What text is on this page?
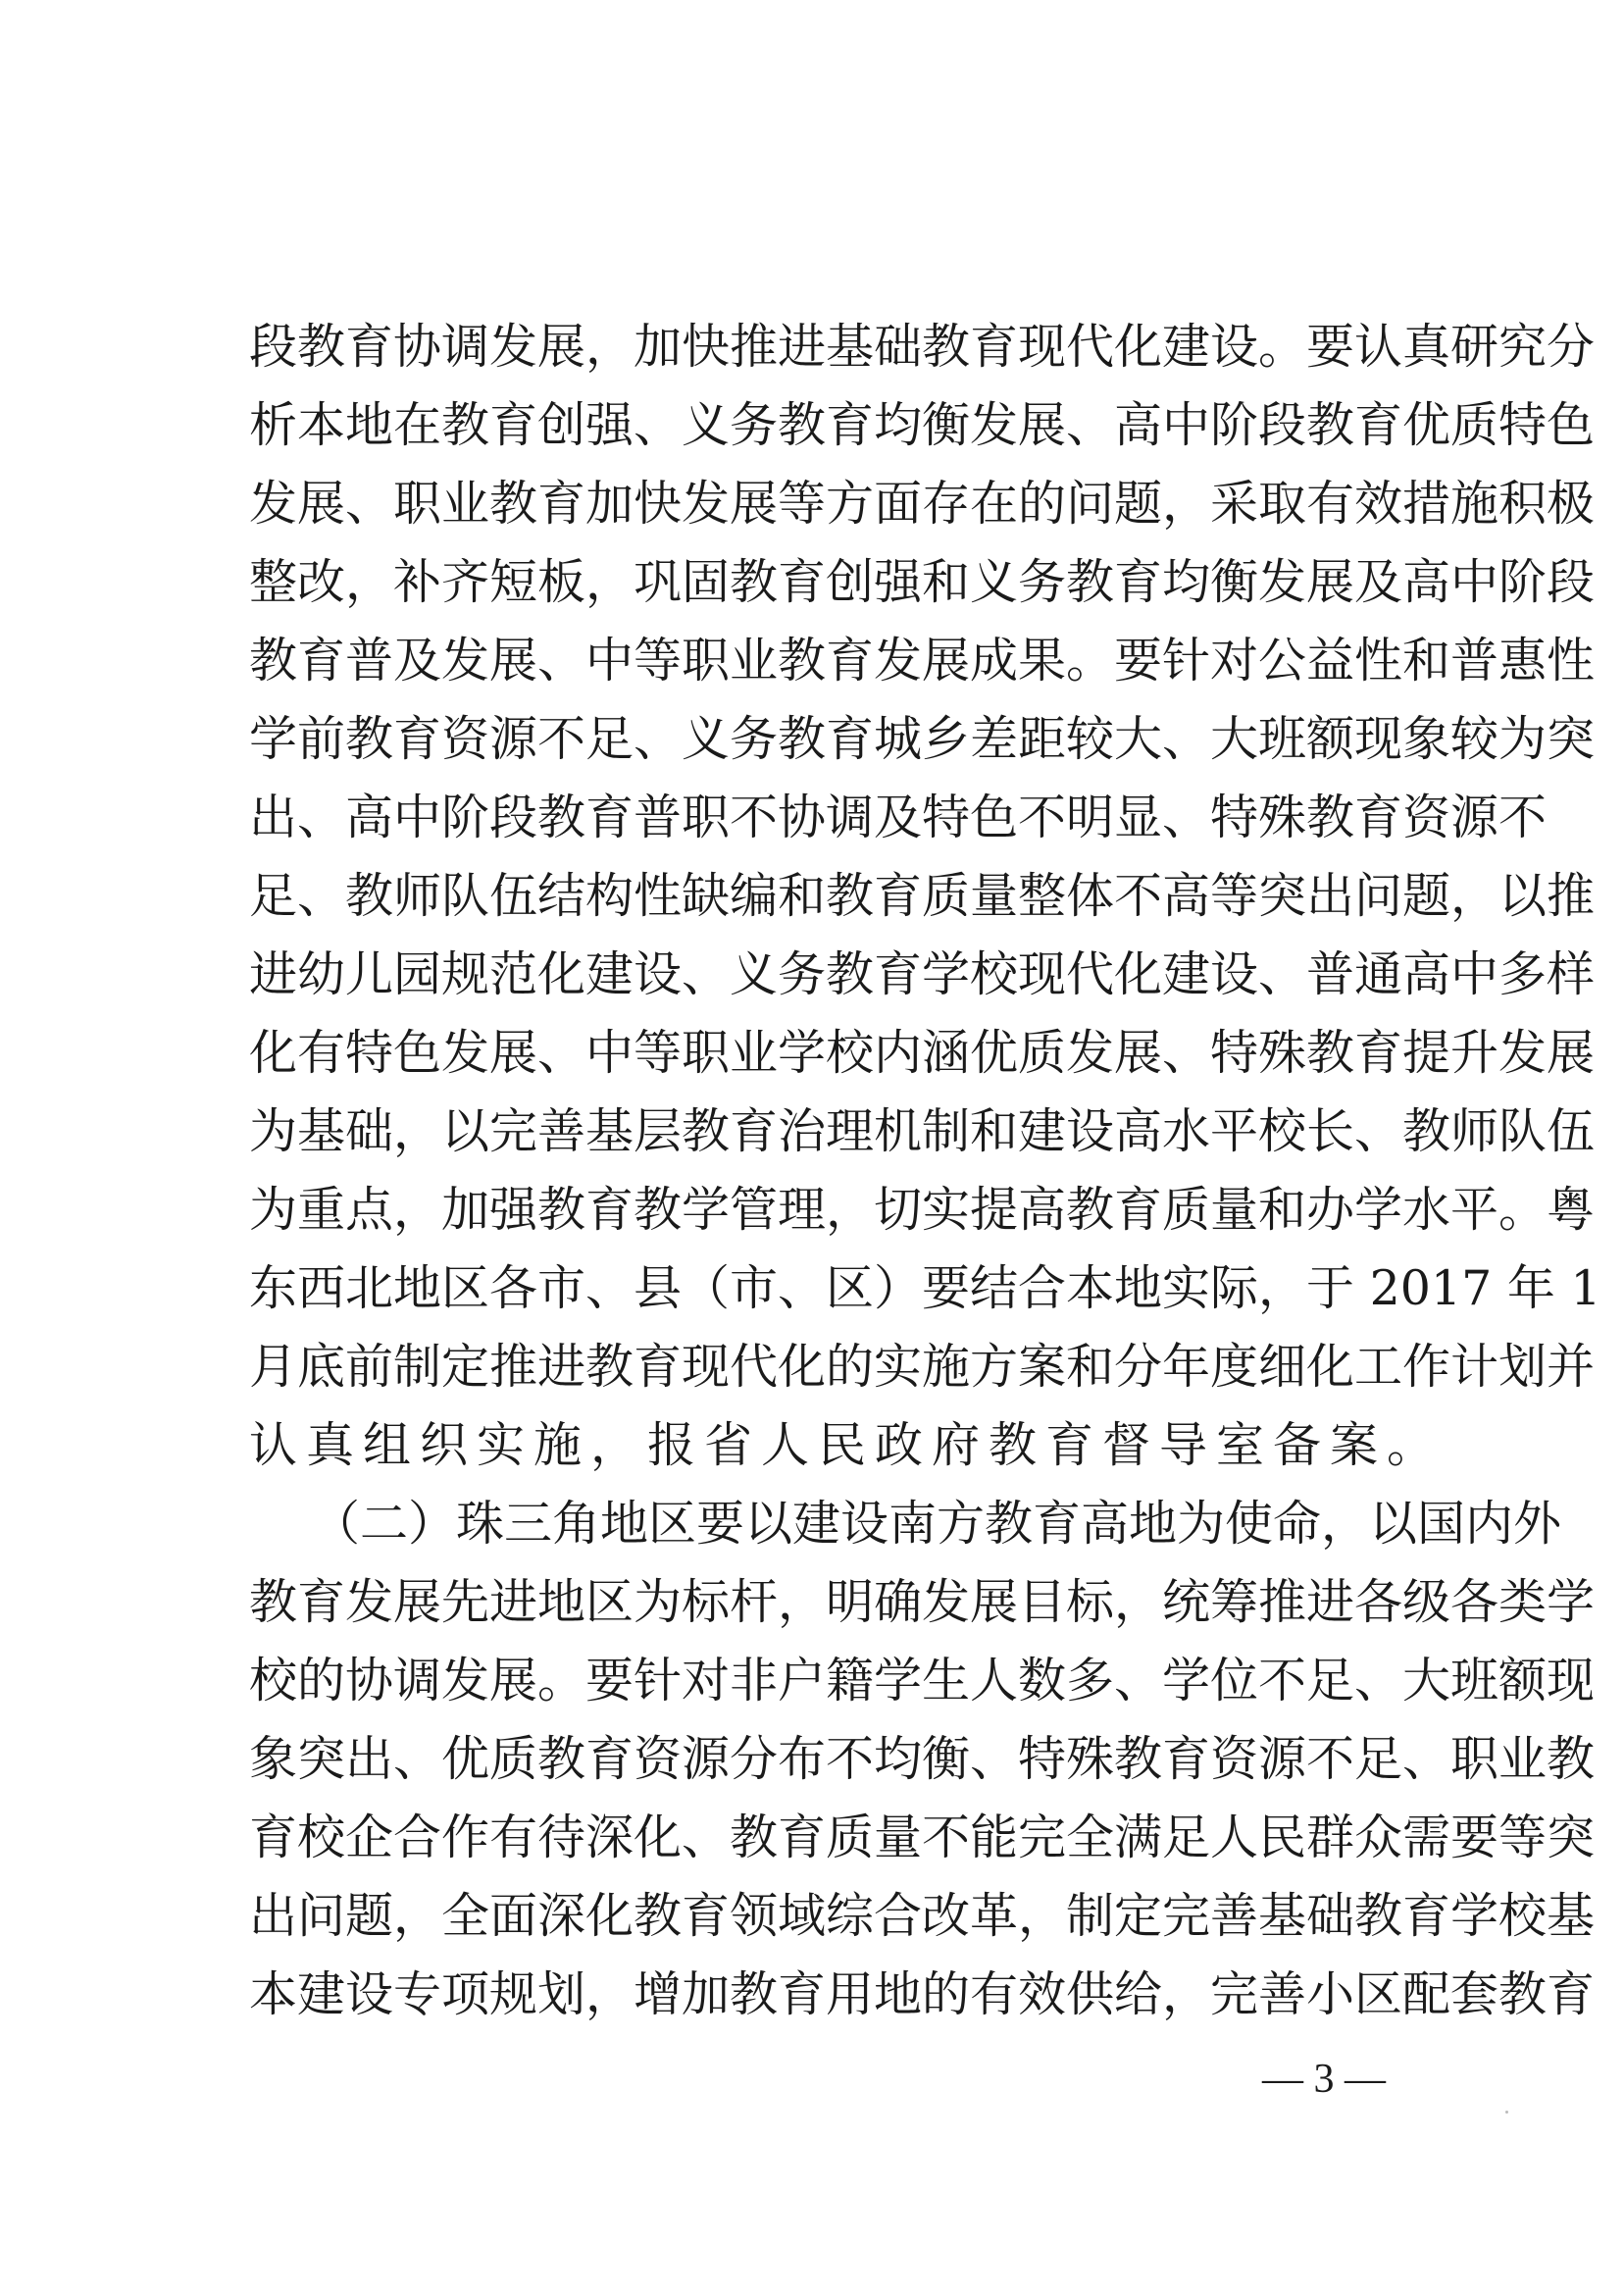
段教育协调发展，加快推进基础教育现代化建设。要认真研究分
析本地在教育创强、义务教育均衡发展、高中阶段教育优质特色
发展、职业教育加快发展等方面存在的问题，采取有效措施积极
整改，补齐短板，巩固教育创强和义务教育均衡发展及高中阶段
教育普及发展、中等职业教育发展成果。要针对公益性和普惠性
学前教育资源不足、义务教育城乡差距较大、大班额现象较为突
出、高中阶段教育普职不协调及特色不明显、特殊教育资源不
足、教师队伍结构性缺编和教育质量整体不高等突出问题，以推
进幼儿园规范化建设、义务教育学校现代化建设、普通高中多样
化有特色发展、中等职业学校内涵优质发展、特殊教育提升发展
为基础，以完善基层教育治理机制和建设高水平校长、教师队伍
为重点，加强教育教学管理，切实提高教育质量和办学水平。粤
东西北地区各市、县（市、区）要结合本地实际，于 2017 年 1
月底前制定推进教育现代化的实施方案和分年度细化工作计划并
认真组织实施，报省人民政府教育督导室备案。
（二）珠三角地区要以建设南方教育高地为使命，以国内外
教育发展先进地区为标杆，明确发展目标，统筹推进各级各类学
校的协调发展。要针对非户籍学生人数多、学位不足、大班额现
象突出、优质教育资源分布不均衡、特殊教育资源不足、职业教
育校企合作有待深化、教育质量不能完全满足人民群众需要等突
出问题，全面深化教育领域综合改革，制定完善基础教育学校基
本建设专项规划，增加教育用地的有效供给，完善小区配套教育
— 3 —
